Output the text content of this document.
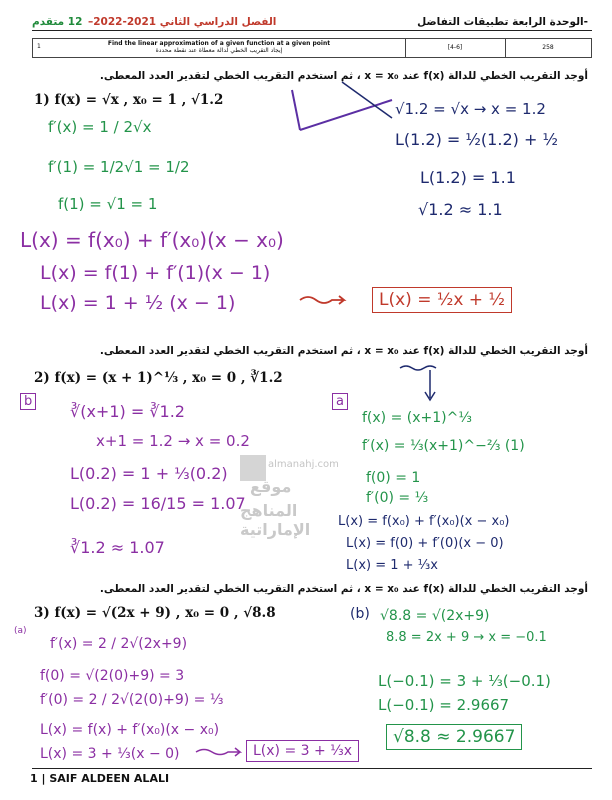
-الوحدة الرابعة تطبيقات التفاضل
الفصل الدراسي الثاني 2021-2022–
12 متقدم
Find the linear approximation of a given function at a given point
إيجاد التقريب الخطي لدالة معطاة عند نقطة محددة
1	[4-6]	258
أوجد التقريب الخطي للدالة f(x) عند x = x₀ ، ثم استخدم التقريب الخطي لتقدير العدد المعطى.
1) f(x) = √x , x₀ = 1 , √1.2
f′(x) = 1 / 2√x
f′(1) = 1/2√1 = 1/2
f(1) = √1 = 1
√1.2 = √x → x = 1.2
L(1.2) = ½(1.2) + ½
L(1.2) = 1.1
√1.2 ≈ 1.1
L(x) = f(x₀) + f′(x₀)(x − x₀)
L(x) = f(1) + f′(1)(x − 1)
L(x) = 1 + ½ (x − 1)	L(x) = ½x + ½
أوجد التقريب الخطي للدالة f(x) عند x = x₀ ، ثم استخدم التقريب الخطي لتقدير العدد المعطى.
2) f(x) = (x + 1)^⅓ , x₀ = 0 , ∛1.2
b	a
∛(x+1) = ∛1.2
x+1 = 1.2 → x = 0.2
L(0.2) = 1 + ⅓(0.2)
L(0.2) = 16/15 = 1.07
∛1.2 ≈ 1.07
f(x) = (x+1)^⅓
f′(x) = ⅓(x+1)^−⅔ (1)
f(0) = 1
f′(0) = ⅓
L(x) = f(x₀) + f′(x₀)(x − x₀)
L(x) = f(0) + f′(0)(x − 0)
L(x) = 1 + ⅓x
almanahj.com
موقع
المناهج الإماراتية
أوجد التقريب الخطي للدالة f(x) عند x = x₀ ، ثم استخدم التقريب الخطي لتقدير العدد المعطى.
3) f(x) = √(2x + 9) , x₀ = 0 , √8.8
(a)
(b)
f′(x) = 2 / 2√(2x+9)
f(0) = √(2(0)+9) = 3
f′(0) = 2 / 2√(2(0)+9) = ⅓
L(x) = f(x) + f′(x₀)(x − x₀)
L(x) = 3 + ⅓(x − 0)	L(x) = 3 + ⅓x
√8.8 = √(2x+9)
8.8 = 2x + 9 → x = −0.1
L(−0.1) = 3 + ⅓(−0.1)
L(−0.1) = 2.9667
√8.8 ≈ 2.9667
1 | SAIF ALDEEN ALALI
